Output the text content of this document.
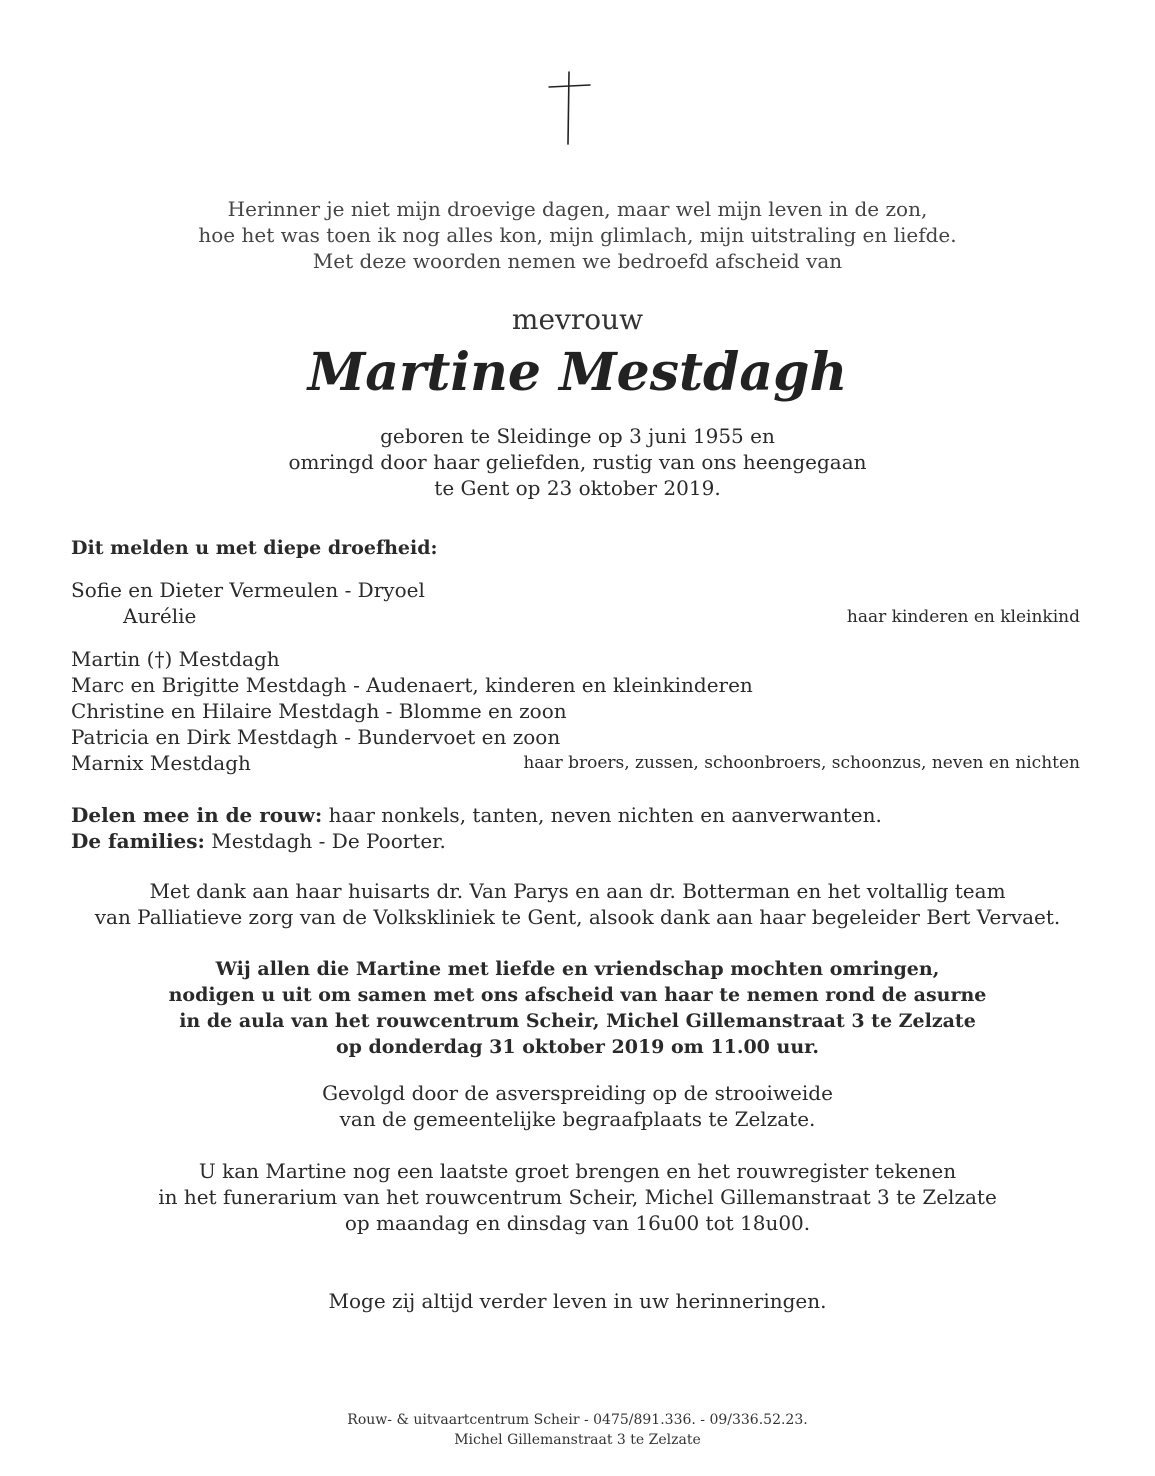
Herinner je niet mijn droevige dagen, maar wel mijn leven in de zon,
hoe het was toen ik nog alles kon, mijn glimlach, mijn uitstraling en liefde.
Met deze woorden nemen we bedroefd afscheid van
mevrouw
Martine Mestdagh
geboren te Sleidinge op 3 juni 1955 en
omringd door haar geliefden, rustig van ons heengegaan
te Gent op 23 oktober 2019.
Dit melden u met diepe droefheid:
Sofie en Dieter Vermeulen - Dryoel
Aurélie	haar kinderen en kleinkind
Martin (†) Mestdagh
Marc en Brigitte Mestdagh - Audenaert, kinderen en kleinkinderen
Christine en Hilaire Mestdagh - Blomme en zoon
Patricia en Dirk Mestdagh - Bundervoet en zoon
Marnix Mestdagh	haar broers, zussen, schoonbroers, schoonzus, neven en nichten
Delen mee in de rouw: haar nonkels, tanten, neven nichten en aanverwanten.
De families: Mestdagh - De Poorter.
Met dank aan haar huisarts dr. Van Parys en aan dr. Botterman en het voltallig team
van Palliatieve zorg van de Volkskliniek te Gent, alsook dank aan haar begeleider Bert Vervaet.
Wij allen die Martine met liefde en vriendschap mochten omringen,
nodigen u uit om samen met ons afscheid van haar te nemen rond de asurne
in de aula van het rouwcentrum Scheir, Michel Gillemanstraat 3 te Zelzate
op donderdag 31 oktober 2019 om 11.00 uur.
Gevolgd door de asverspreiding op de strooiweide
van de gemeentelijke begraafplaats te Zelzate.
U kan Martine nog een laatste groet brengen en het rouwregister tekenen
in het funerarium van het rouwcentrum Scheir, Michel Gillemanstraat 3 te Zelzate
op maandag en dinsdag van 16u00 tot 18u00.
Moge zij altijd verder leven in uw herinneringen.
Rouw- & uitvaartcentrum Scheir - 0475/891.336. - 09/336.52.23.
Michel Gillemanstraat 3 te Zelzate
